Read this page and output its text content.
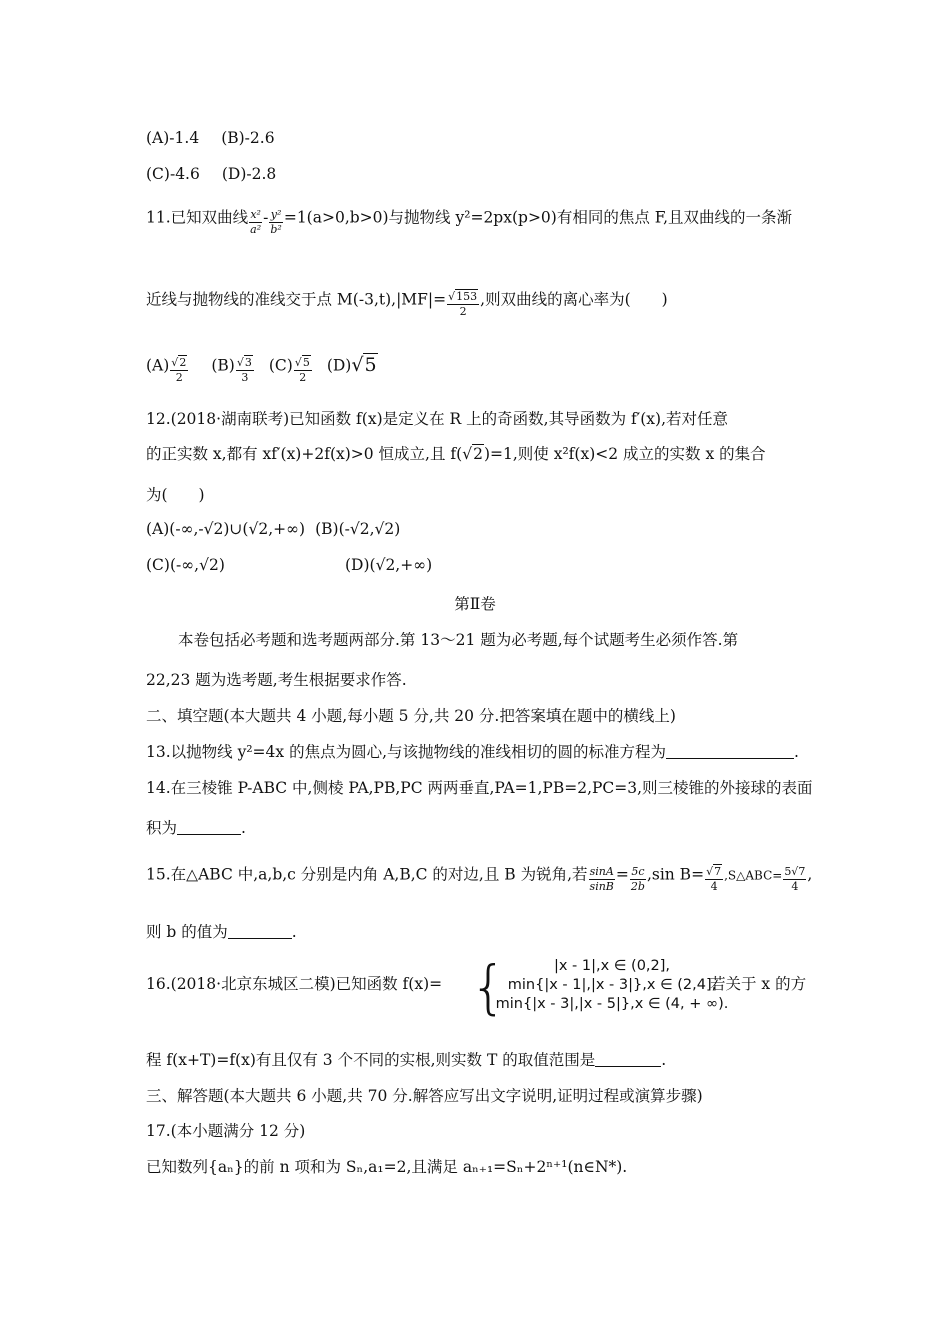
(A)-1.4 (B)-2.6
(C)-4.6 (D)-2.8
11.已知双曲线 $\frac{\text{x²}}{\text{a²}} - \frac{\text{y²}}{\text{b²}} =1(a>0,b>0)$与抛物线 y²=2px(p>0)有相同的焦点 F,且双曲线的一条渐
近线与抛物线的准线交于点 $M(-3,t),|MF|= \frac{√153}{2}$ ,则双曲线的离心率为(　　)
$(A) \frac{√2}{2} (B) \frac{√3}{3} (C) \frac{√5}{2} (D)√5$
12.(2018·湖南联考)已知函数 f(x)是定义在 R 上的奇函数,其导函数为 f′(x),若对任意
的正实数 x,都有 xf′(x)+2f(x)>0 恒成立,且 f(√2)=1,则使 x²f(x)<2 成立的实数 x 的集合
为(　　)
(A)(-∞,-√2)∪(√2,+∞) (B)(-√2,√2)
(C)(-∞,√2)	(D)(√2,+∞)
第Ⅱ卷
本卷包括必考题和选考题两部分.第 13～21 题为必考题,每个试题考生必须作答.第
22,23 题为选考题,考生根据要求作答.
二、填空题(本大题共 4 小题,每小题 5 分,共 20 分.把答案填在题中的横线上)
13.以抛物线 y²=4x 的焦点为圆心,与该抛物线的准线相切的圆的标准方程为	.
14.在三棱锥 P-ABC 中,侧棱 PA,PB,PC 两两垂直,PA=1,PB=2,PC=3,则三棱锥的外接球的表面
积为	.
15.在△ABC 中,a,b,c 分别是内角 A,B,C 的对边,且 B 为锐角,若 $\frac{\sin A}{\sin B} = \frac{5c}{2b} ,\sin$ $B= \frac{√7}{4}$ ,S△ABC= $\frac{5√7}{4}$ ,
则 b 的值为	.
16.(2018·北京东城区二模)已知函数 f(x)= {	|x - 1|,x ∈ (0,2],
min{|x - 1|,|x - 3|},x ∈ (2,4],
min{|x - 3|,|x - 5|},x ∈ (4, + ∞).
若关于 x 的方
程 f(x+T)=f(x)有且仅有 3 个不同的实根,则实数 T 的取值范围是	.
三、解答题(本大题共 6 小题,共 70 分.解答应写出文字说明,证明过程或演算步骤)
17.(本小题满分 12 分)
已知数列{aₙ}的前 n 项和为 Sₙ,a₁=2,且满足 aₙ₊₁=Sₙ+2ⁿ⁺¹(n∈N*).
